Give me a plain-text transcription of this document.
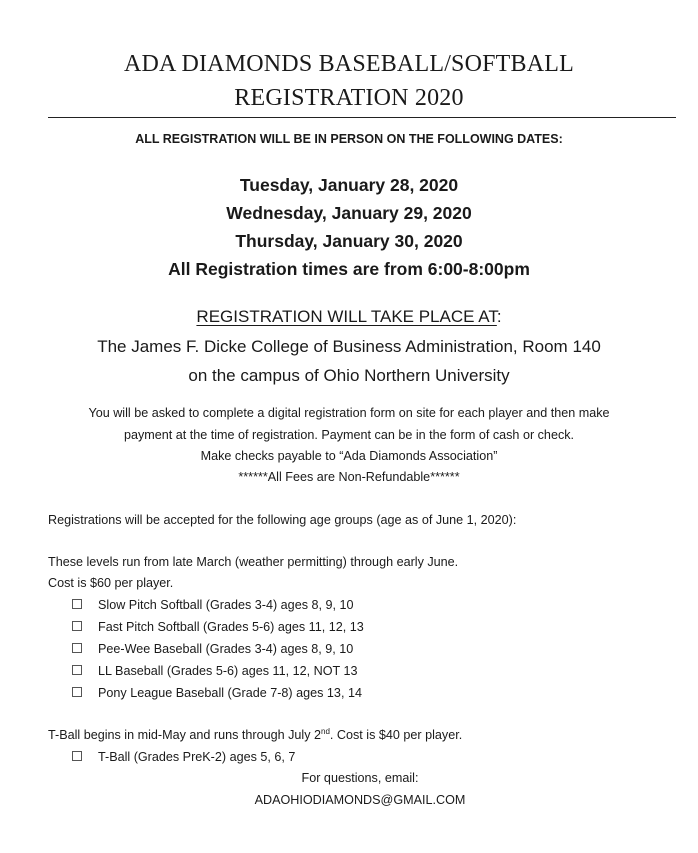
ADA DIAMONDS BASEBALL/SOFTBALL
REGISTRATION 2020
ALL REGISTRATION WILL BE IN PERSON ON THE FOLLOWING DATES:
Tuesday, January 28, 2020
Wednesday, January 29, 2020
Thursday, January 30, 2020
All Registration times are from 6:00-8:00pm
REGISTRATION WILL TAKE PLACE AT:
The James F. Dicke College of Business Administration, Room 140
on the campus of Ohio Northern University
You will be asked to complete a digital registration form on site for each player and then make
payment at the time of registration. Payment can be in the form of cash or check.
Make checks payable to “Ada Diamonds Association”
******All Fees are Non-Refundable******
Registrations will be accepted for the following age groups (age as of June 1, 2020):
These levels run from late March (weather permitting) through early June.
Cost is $60 per player.
Slow Pitch Softball (Grades 3-4) ages 8, 9, 10
Fast Pitch Softball (Grades 5-6) ages 11, 12, 13
Pee-Wee Baseball (Grades 3-4) ages 8, 9, 10
LL Baseball (Grades 5-6) ages 11, 12, NOT 13
Pony League Baseball (Grade 7-8) ages 13, 14
T-Ball begins in mid-May and runs through July 2nd. Cost is $40 per player.
T-Ball (Grades PreK-2) ages 5, 6, 7
For questions, email:
ADAOHIODIAMONDS@GMAIL.COM
